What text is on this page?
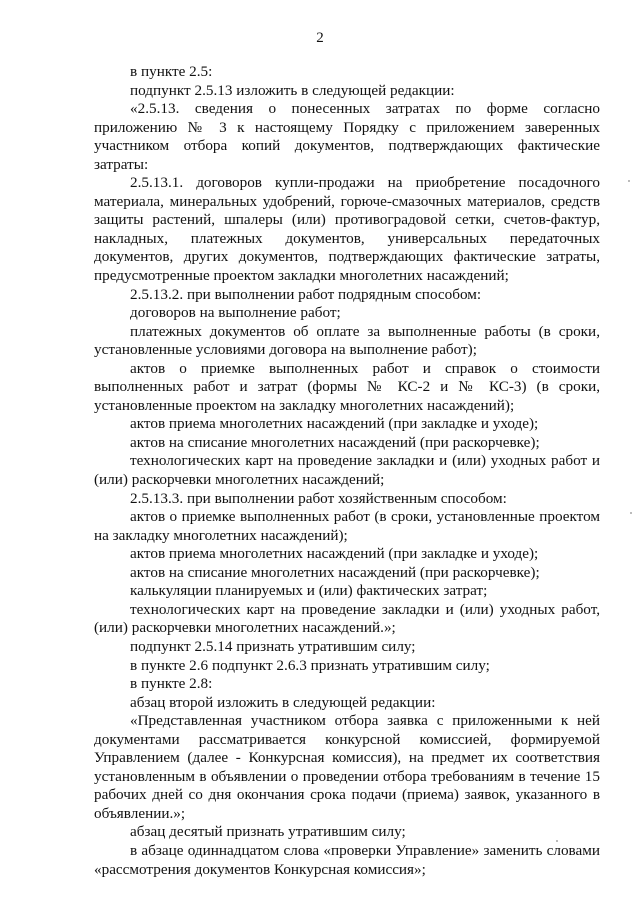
2

в пункте 2.5:

подпункт 2.5.13 изложить в следующей редакции:

«2.5.13. сведения о понесенных затратах по форме согласно приложению № 3 к настоящему Порядку с приложением заверенных участником отбора копий документов, подтверждающих фактические затраты:

2.5.13.1. договоров купли-продажи на приобретение посадочного материала, минеральных удобрений, горюче-смазочных материалов, средств защиты растений, шпалеры (или) противоградовой сетки, счетов-фактур, накладных, платежных документов, универсальных передаточных документов, других документов, подтверждающих фактические затраты, предусмотренные проектом закладки многолетних насаждений;

2.5.13.2. при выполнении работ подрядным способом:

договоров на выполнение работ;

платежных документов об оплате за выполненные работы (в сроки, установленные условиями договора на выполнение работ);

актов о приемке выполненных работ и справок о стоимости выполненных работ и затрат (формы № КС-2 и № КС-3) (в сроки, установленные проектом на закладку многолетних насаждений);

актов приема многолетних насаждений (при закладке и уходе);

актов на списание многолетних насаждений (при раскорчевке);

технологических карт на проведение закладки и (или) уходных работ и (или) раскорчевки многолетних насаждений;

2.5.13.3. при выполнении работ хозяйственным способом:

актов о приемке выполненных работ (в сроки, установленные проектом на закладку многолетних насаждений);

актов приема многолетних насаждений (при закладке и уходе);

актов на списание многолетних насаждений (при раскорчевке);

калькуляции планируемых и (или) фактических затрат;

технологических карт на проведение закладки и (или) уходных работ, (или) раскорчевки многолетних насаждений.»;

подпункт 2.5.14 признать утратившим силу;

в пункте 2.6 подпункт 2.6.3 признать утратившим силу;

в пункте 2.8:

абзац второй изложить в следующей редакции:

«Представленная участником отбора заявка с приложенными к ней документами рассматривается конкурсной комиссией, формируемой Управлением (далее - Конкурсная комиссия), на предмет их соответствия установленным в объявлении о проведении отбора требованиям в течение 15 рабочих дней со дня окончания срока подачи (приема) заявок, указанного в объявлении.»;

абзац десятый признать утратившим силу;

в абзаце одиннадцатом слова «проверки Управление» заменить словами «рассмотрения документов Конкурсная комиссия»;
